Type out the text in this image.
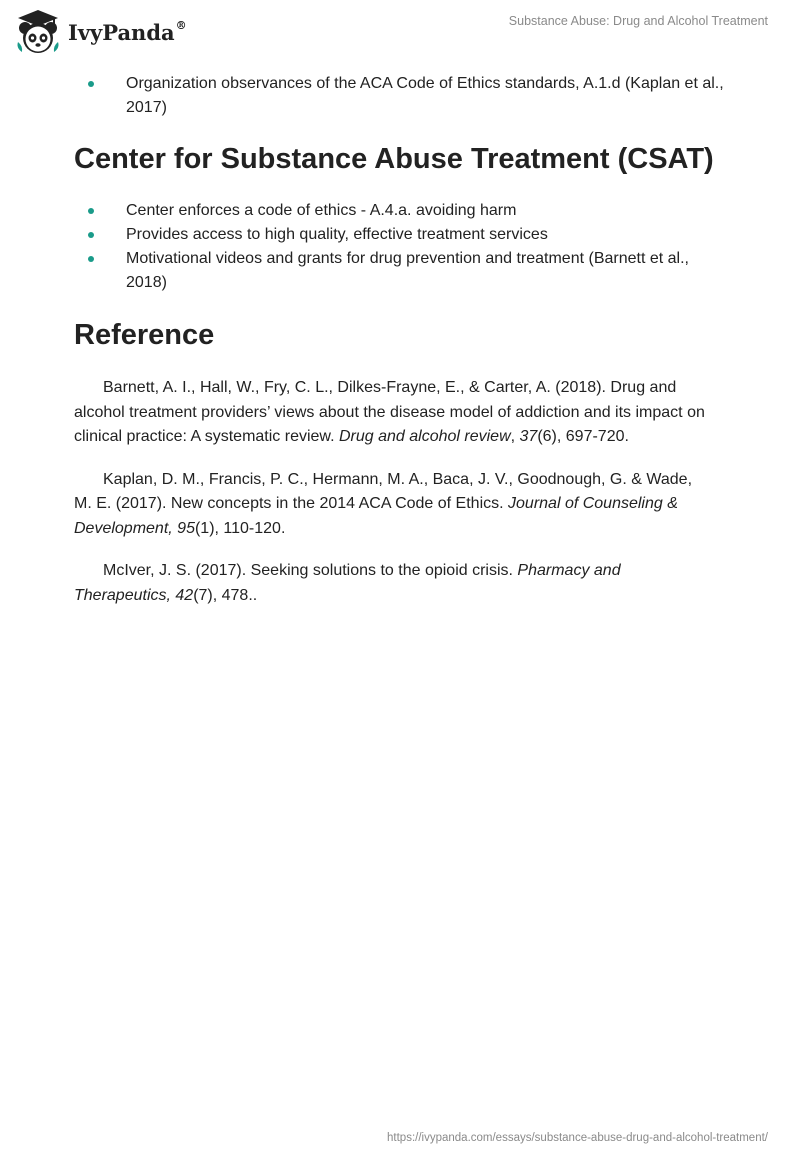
IvyPanda®	Substance Abuse: Drug and Alcohol Treatment
Organization observances of the ACA Code of Ethics standards, A.1.d (Kaplan et al., 2017)
Center for Substance Abuse Treatment (CSAT)
Center enforces a code of ethics - A.4.a. avoiding harm
Provides access to high quality, effective treatment services
Motivational videos and grants for drug prevention and treatment (Barnett et al., 2018)
Reference

Barnett, A. I., Hall, W., Fry, C. L., Dilkes-Frayne, E., & Carter, A. (2018). Drug and alcohol treatment providers’ views about the disease model of addiction and its impact on clinical practice: A systematic review. Drug and alcohol review, 37(6), 697-720.

Kaplan, D. M., Francis, P. C., Hermann, M. A., Baca, J. V., Goodnough, G. & Wade, M. E. (2017). New concepts in the 2014 ACA Code of Ethics. Journal of Counseling & Development, 95(1), 110-120.

McIver, J. S. (2017). Seeking solutions to the opioid crisis. Pharmacy and Therapeutics, 42(7), 478..

https://ivypanda.com/essays/substance-abuse-drug-and-alcohol-treatment/
